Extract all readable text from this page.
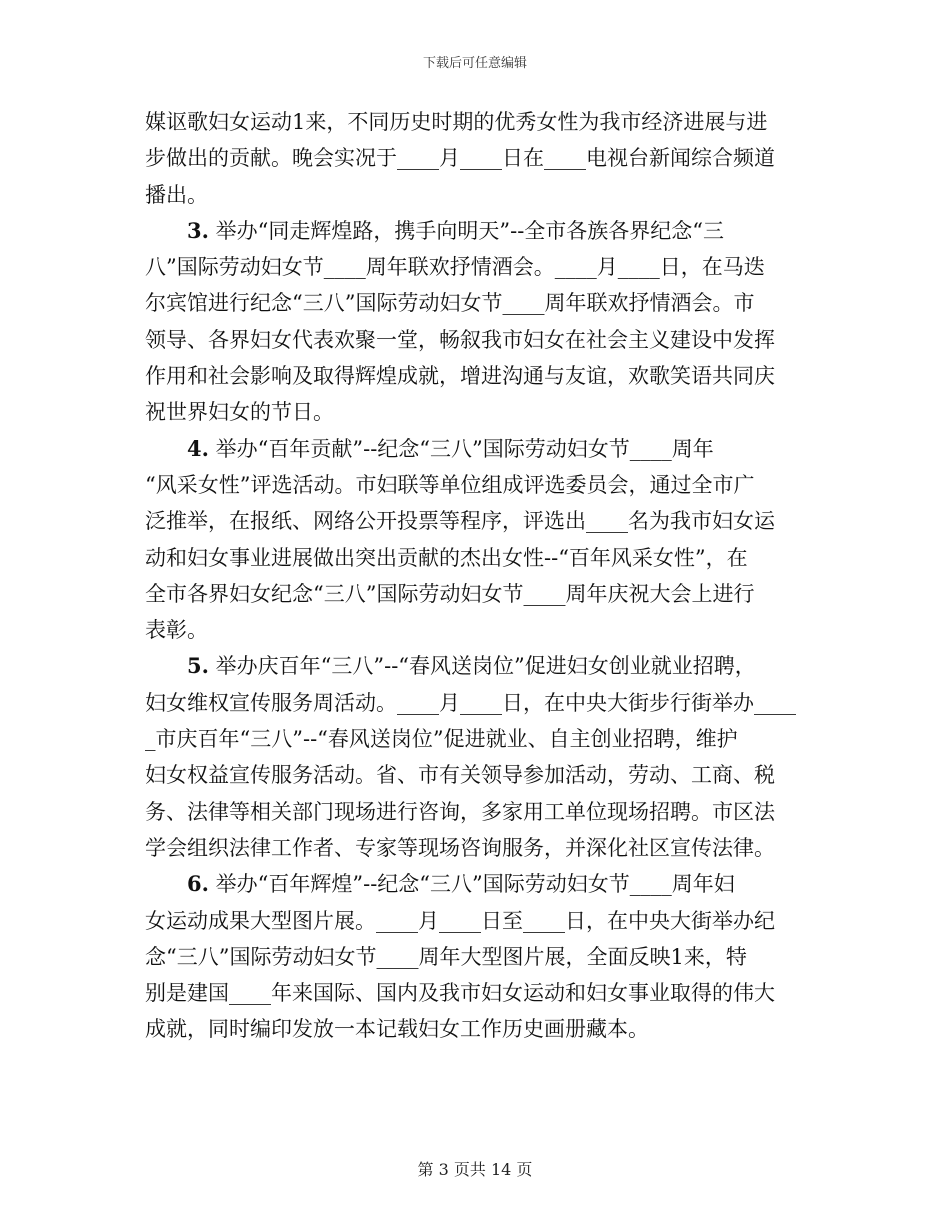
下载后可任意编辑

媒讴歌妇女运动1来，不同历史时期的优秀女性为我市经济进展与进
步做出的贡献。晚会实况于____月____日在____电视台新闻综合频道
播出。
3. 举办“同走辉煌路，携手向明天”--全市各族各界纪念“三
八”国际劳动妇女节____周年联欢抒情酒会。____月____日，在马迭
尔宾馆进行纪念“三八”国际劳动妇女节____周年联欢抒情酒会。市
领导、各界妇女代表欢聚一堂，畅叙我市妇女在社会主义建设中发挥
作用和社会影响及取得辉煌成就，增进沟通与友谊，欢歌笑语共同庆
祝世界妇女的节日。
4. 举办“百年贡献”--纪念“三八”国际劳动妇女节____周年
“风采女性”评选活动。市妇联等单位组成评选委员会，通过全市广
泛推举，在报纸、网络公开投票等程序，评选出____名为我市妇女运
动和妇女事业进展做出突出贡献的杰出女性--“百年风采女性”，在
全市各界妇女纪念“三八”国际劳动妇女节____周年庆祝大会上进行
表彰。
5. 举办庆百年“三八”--“春风送岗位”促进妇女创业就业招聘，
妇女维权宣传服务周活动。____月____日，在中央大街步行街举办____
_市庆百年“三八”--“春风送岗位”促进就业、自主创业招聘，维护
妇女权益宣传服务活动。省、市有关领导参加活动，劳动、工商、税
务、法律等相关部门现场进行咨询，多家用工单位现场招聘。市区法
学会组织法律工作者、专家等现场咨询服务，并深化社区宣传法律。
6. 举办“百年辉煌”--纪念“三八”国际劳动妇女节____周年妇
女运动成果大型图片展。____月____日至____日，在中央大街举办纪
念“三八”国际劳动妇女节____周年大型图片展，全面反映1来，特
别是建国____年来国际、国内及我市妇女运动和妇女事业取得的伟大
成就，同时编印发放一本记载妇女工作历史画册藏本。

第 3 页共 14 页
